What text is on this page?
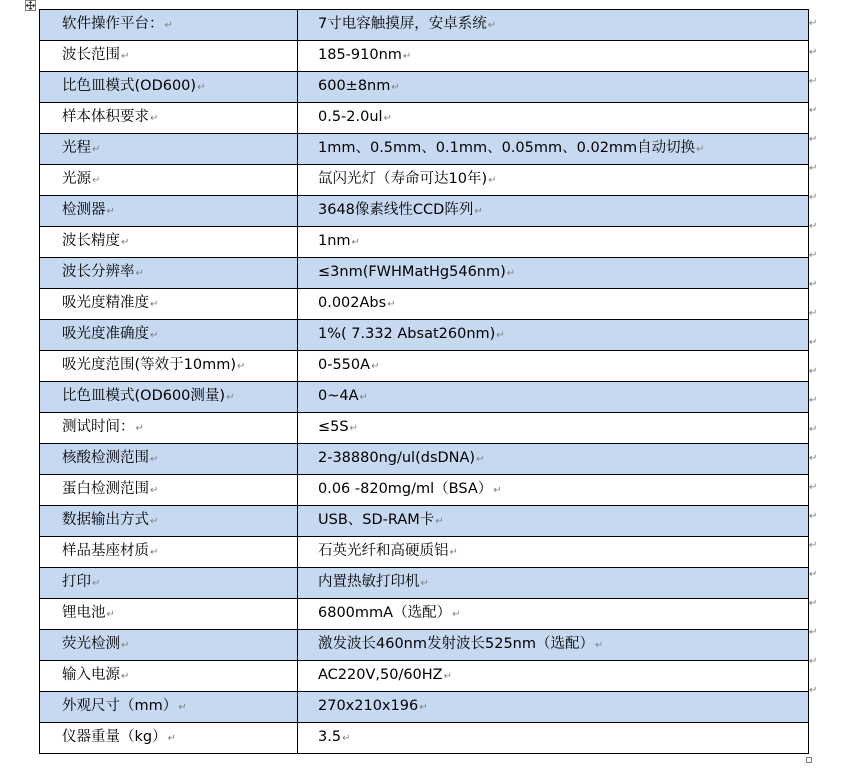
软件操作平台：↵	7寸电容触摸屏，安卓系统↵
波长范围↵	185-910nm↵
比色皿模式(OD600)↵	600±8nm↵
样本体积要求↵	0.5-2.0ul↵
光程↵	1mm、0.5mm、0.1mm、0.05mm、0.02mm自动切换↵
光源↵	氙闪光灯（寿命可达10年)↵
检测器↵	3648像素线性CCD阵列↵
波长精度↵	1nm↵
波长分辨率↵	≤3nm(FWHMatHg546nm)↵
吸光度精准度↵	0.002Abs↵
吸光度准确度↵	1%( 7.332 Absat260nm)↵
吸光度范围(等效于10mm)↵	0-550A↵
比色皿模式(OD600测量)↵	0~4A↵
测试时间：↵	≤5S↵
核酸检测范围↵	2-38880ng/ul(dsDNA)↵
蛋白检测范围↵	0.06 -820mg/ml（BSA）↵
数据输出方式↵	USB、SD-RAM卡↵
样品基座材质↵	石英光纤和高硬质铝↵
打印↵	内置热敏打印机↵
锂电池↵	6800mmA（选配）↵
荧光检测↵	激发波长460nm发射波长525nm（选配）↵
输入电源↵	AC220V,50/60HZ↵
外观尺寸（mm）↵	270x210x196↵
仪器重量（kg）↵	3.5↵
↵
↵
↵
↵
↵
↵
↵
↵
↵
↵
↵
↵
↵
↵
↵
↵
↵
↵
↵
↵
↵
↵
↵
↵
